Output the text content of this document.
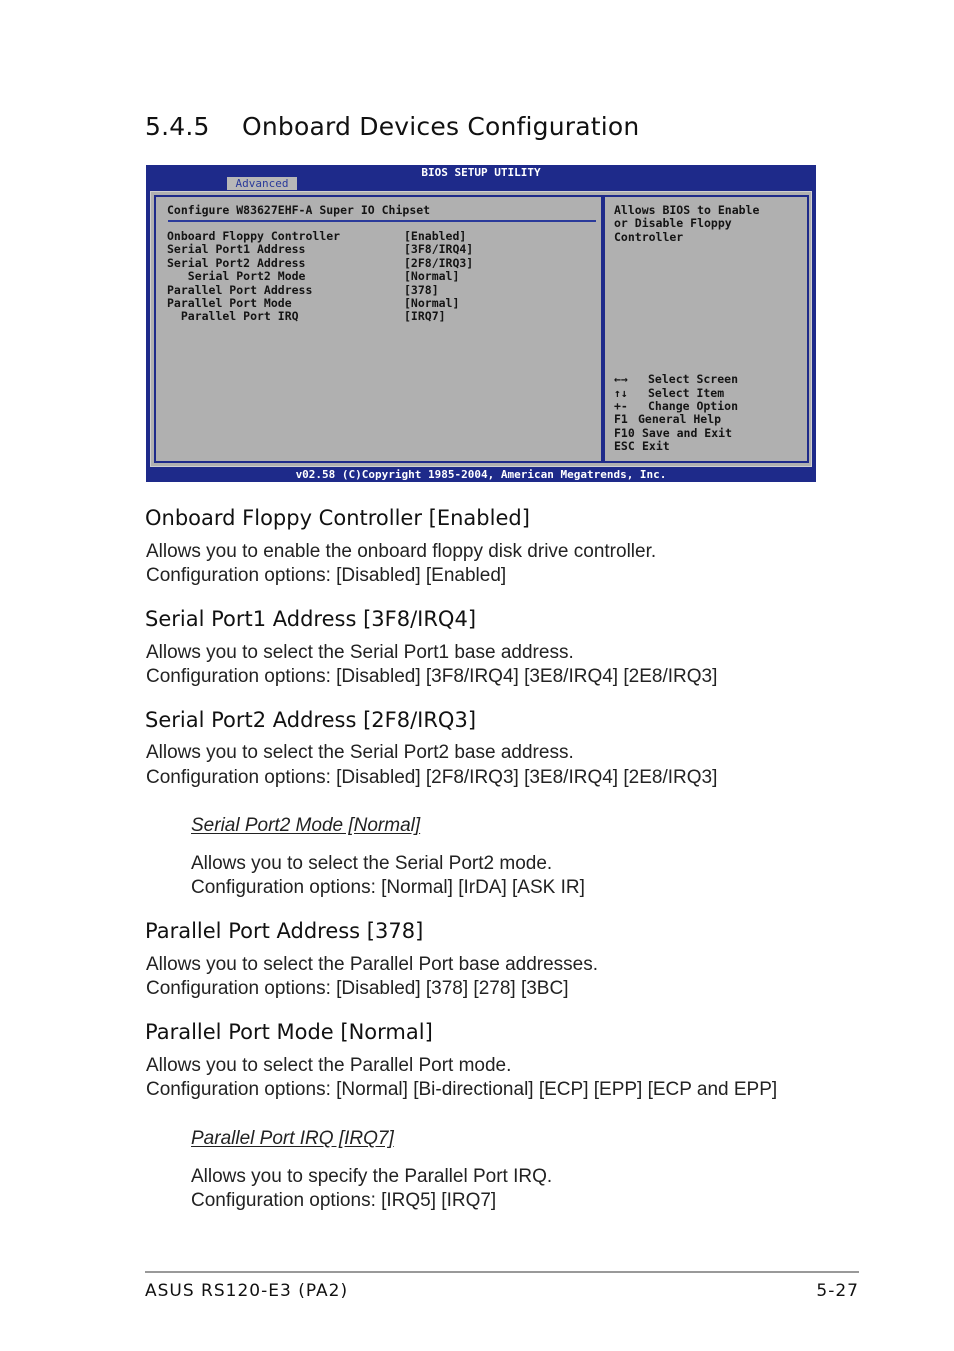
5.4.5 Onboard Devices Configuration
BIOS SETUP UTILITY
Advanced
Configure W83627EHF-A Super IO Chipset
Onboard Floppy Controller	[Enabled]
Serial Port1 Address	[3F8/IRQ4]
Serial Port2 Address	[2F8/IRQ3]
Serial Port2 Mode	[Normal]
Parallel Port Address	[378]
Parallel Port Mode	[Normal]
Parallel Port IRQ	[IRQ7]
Allows BIOS to Enable
or Disable Floppy
Controller
←→ Select Screen
↑↓ Select Item
+- Change Option
F1 General Help
F10 Save and Exit
ESC Exit
v02.58 (C)Copyright 1985-2004, American Megatrends, Inc.
Onboard Floppy Controller [Enabled]

Allows you to enable the onboard floppy disk drive controller.

Configuration options: [Disabled] [Enabled]

Serial Port1 Address [3F8/IRQ4]

Allows you to select the Serial Port1 base address.

Configuration options: [Disabled] [3F8/IRQ4] [3E8/IRQ4] [2E8/IRQ3]

Serial Port2 Address [2F8/IRQ3]

Allows you to select the Serial Port2 base address.

Configuration options: [Disabled] [2F8/IRQ3] [3E8/IRQ4] [2E8/IRQ3]

Serial Port2 Mode [Normal]

Allows you to select the Serial Port2 mode.

Configuration options: [Normal] [IrDA] [ASK IR]

Parallel Port Address [378]

Allows you to select the Parallel Port base addresses.

Configuration options: [Disabled] [378] [278] [3BC]

Parallel Port Mode [Normal]

Allows you to select the Parallel Port mode.

Configuration options: [Normal] [Bi-directional] [ECP] [EPP] [ECP and EPP]

Parallel Port IRQ [IRQ7]

Allows you to specify the Parallel Port IRQ.

Configuration options: [IRQ5] [IRQ7]

ASUS RS120-E3 (PA2)	5-27
